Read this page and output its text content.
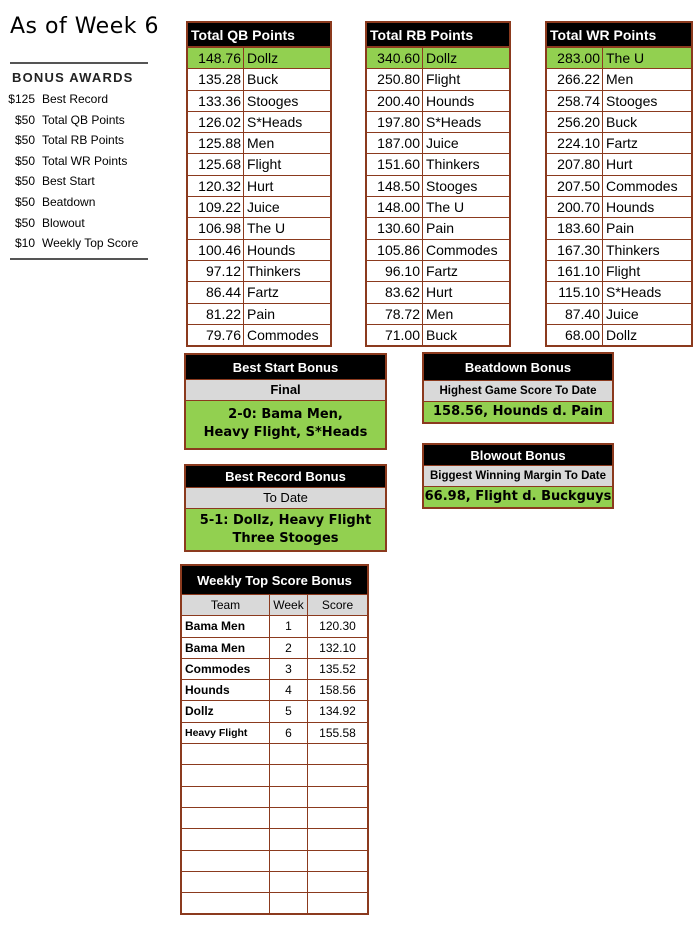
As of Week 6
BONUS AWARDS
$125 Best Record
$50 Total QB Points
$50 Total RB Points
$50 Total WR Points
$50 Best Start
$50 Beatdown
$50 Blowout
$10 Weekly Top Score
Total QB Points
148.76 Dollz
135.28 Buck
133.36 Stooges
126.02 S*Heads
125.88 Men
125.68 Flight
120.32 Hurt
109.22 Juice
106.98 The U
100.46 Hounds
97.12 Thinkers
86.44 Fartz
81.22 Pain
79.76 Commodes
Total RB Points
340.60 Dollz
250.80 Flight
200.40 Hounds
197.80 S*Heads
187.00 Juice
151.60 Thinkers
148.50 Stooges
148.00 The U
130.60 Pain
105.86 Commodes
96.10 Fartz
83.62 Hurt
78.72 Men
71.00 Buck
Total WR Points
283.00 The U
266.22 Men
258.74 Stooges
256.20 Buck
224.10 Fartz
207.80 Hurt
207.50 Commodes
200.70 Hounds
183.60 Pain
167.30 Thinkers
161.10 Flight
115.10 S*Heads
87.40 Juice
68.00 Dollz
Best Start Bonus
Final
2-0: Bama Men,
Heavy Flight, S*Heads
Best Record Bonus
To Date
5-1: Dollz, Heavy Flight
Three Stooges
Beatdown Bonus
Highest Game Score To Date
158.56, Hounds d. Pain
Blowout Bonus
Biggest Winning Margin To Date
66.98, Flight d. Buckguys
Weekly Top Score Bonus
Team	Week	Score
Bama Men	1	120.30
Bama Men	2	132.10
Commodes	3	135.52
Hounds	4	158.56
Dollz	5	134.92
Heavy Flight	6	155.58
